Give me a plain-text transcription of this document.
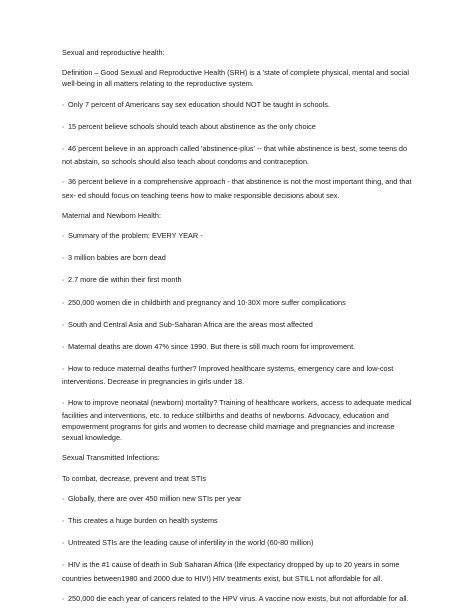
Sexual and reproductive health:

Definition – Good Sexual and Reproductive Health (SRH) is a 'state of complete physical, mental and social well-being in all matters relating to the reproductive system.

▫ Only 7 percent of Americans say sex education should NOT be taught in schools.

▫ 15 percent believe schools should teach about abstinence as the only choice

▫ 46 percent believe in an approach called 'abstinence-plus' -- that while abstinence is best, some teens do not abstain, so schools should also teach about condoms and contraception.

▫ 36 percent believe in a comprehensive approach - that abstinence is not the most important thing, and that sex- ed should focus on teaching teens how to make responsible decisions about sex.

Maternal and Newborn Health:

▫ Summary of the problem: EVERY YEAR -

▫ 3 million babies are born dead

▫ 2.7 more die within their first month

▫ 250,000 women die in childbirth and pregnancy and 10-30X more suffer complications

▫ South and Central Asia and Sub-Saharan Africa are the areas most affected

▫ Maternal deaths are down 47% since 1990. But there is still much room for improvement.

▫ How to reduce maternal deaths further? Improved healthcare systems, emergency care and low-cost interventions. Decrease in pregnancies in girls under 18.

▫ How to improve neonatal (newborn) mortality? Training of healthcare workers, access to adequate medical facilities and interventions, etc. to reduce stillbirths and deaths of newborns. Advocacy, education and empowerment programs for girls and women to decrease child marriage and pregnancies and increase sexual knowledge.

Sexual Transmitted Infections:

To combat, decrease, prevent and treat STIs

▫ Globally, there are over 450 million new STIs per year

▫ This creates a huge burden on health systems

▫ Untreated STIs are the leading cause of infertility in the world (60-80 million)

▫ HIV is the #1 cause of death in Sub Saharan Africa (life expectancy dropped by up to 20 years in some countries between1980 and 2000 due to HIV!) HIV treatments exist, but STILL not affordable for all.

▫ 250,000 die each year of cancers related to the HPV virus. A vaccine now exists, but not affordable for all.
